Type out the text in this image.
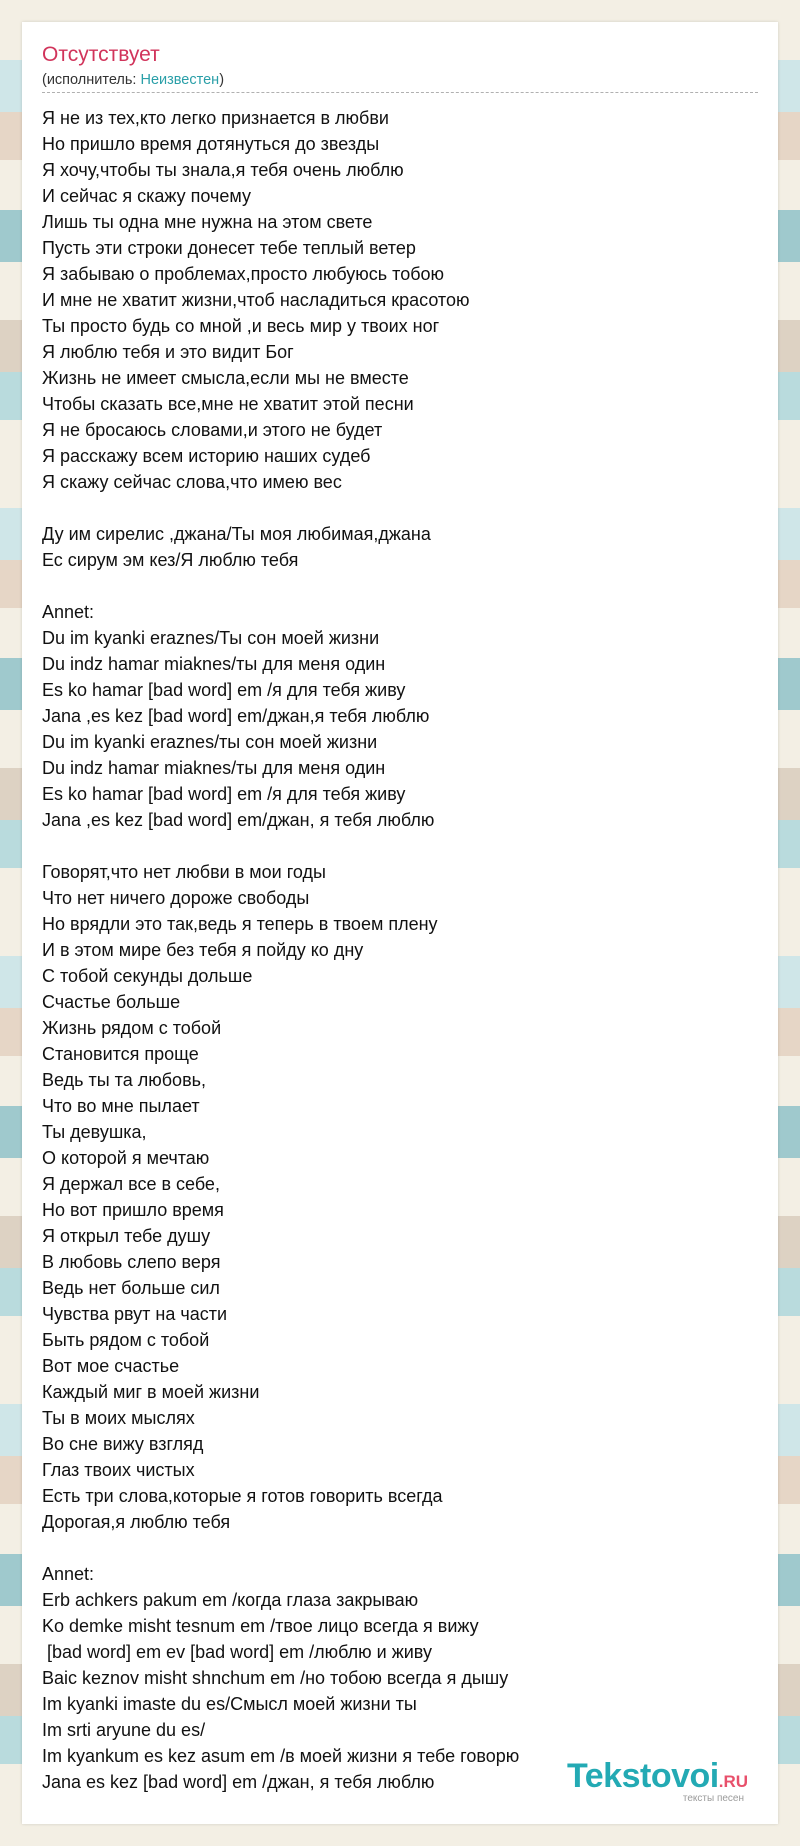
Отсутствует
(исполнитель: Неизвестен)
Я не из тех,кто легко признается в любви
Но пришло время дотянуться до звезды
Я хочу,чтобы ты знала,я тебя очень люблю
И сейчас я скажу почему
Лишь ты одна мне нужна на этом свете
Пусть эти строки донесет тебе теплый ветер
Я забываю о проблемах,просто любуюсь тобою
И мне не хватит жизни,чтоб насладиться красотою
Ты просто будь со мной ,и весь мир у твоих ног
Я люблю тебя и это видит Бог
Жизнь не имеет смысла,если мы не вместе
Чтобы сказать все,мне не хватит этой песни
Я не бросаюсь словами,и этого не будет
Я расскажу всем историю наших судеб
Я скажу сейчас слова,что имею вес
Ду им сирелис ,джана/Ты моя любимая,джана
Ес сирум эм кез/Я люблю тебя
Annet:
Du im kyanki eraznes/Ты сон моей жизни
Du indz hamar miaknes/ты для меня один
Es ko hamar [bad word] em /я для тебя живу
Jana ,es kez [bad word] em/джан,я тебя люблю
Du im kyanki eraznes/ты сон моей жизни
Du indz hamar miaknes/ты для меня один
Es ko hamar [bad word] em /я для тебя живу
Jana ,es kez [bad word] em/джан, я тебя люблю
Говорят,что нет любви в мои годы
Что нет ничего дороже свободы
Но врядли это так,ведь я теперь в твоем плену
И в этом мире без тебя я пойду ко дну
С тобой секунды дольше
Счастье больше
Жизнь рядом с тобой
Становится проще
Ведь ты та любовь,
Что во мне пылает
Ты девушка,
О которой я мечтаю
Я держал все в себе,
Но вот пришло время
Я открыл тебе душу
В любовь слепо веря
Ведь нет больше сил
Чувства рвут на части
Быть рядом с тобой
Вот мое счастье
Каждый миг в моей жизни
Ты в моих мыслях
Во сне вижу взгляд
Глаз твоих чистых
Есть три слова,которые я готов говорить всегда
Дорогая,я люблю тебя
Annet:
Erb achkers pakum em /когда глаза закрываю
Ko demke misht tesnum em /твое лицо всегда я вижу
[bad word] em ev [bad word] em /люблю и живу
Baic keznov misht shnchum em /но тобою всегда я дышу
Im kyanki imaste du es/Смысл моей жизни ты
Im srti aryune du es/
Im kyankum es kez asum em /в моей жизни я тебе говорю
Jana es kez [bad word] em /джан, я тебя люблю	Tekstovoi.RU
тексты песен
